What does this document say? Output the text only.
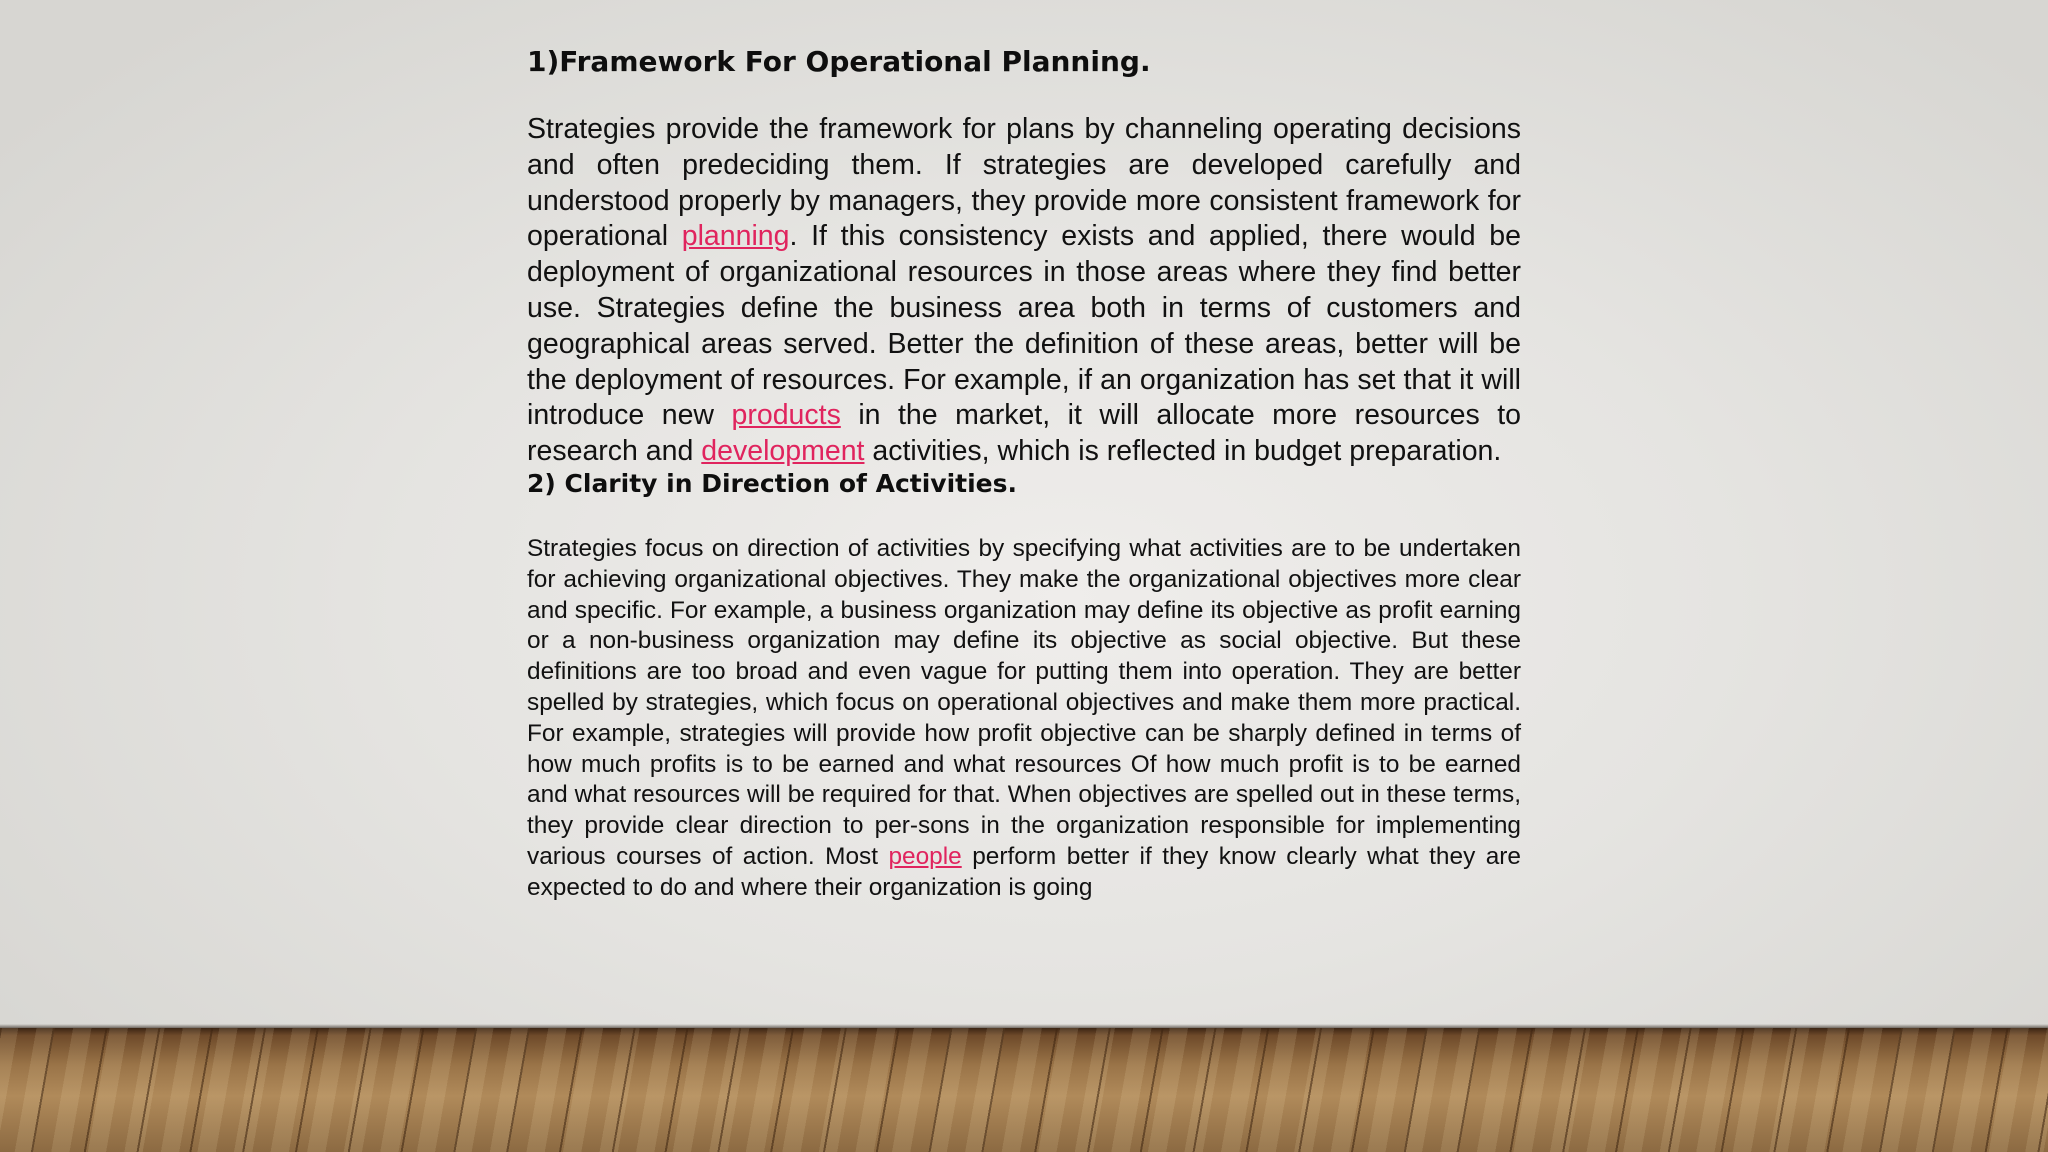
1)Framework For Operational Planning.

Strategies provide the framework for plans by channeling operating decisions and often predeciding them. If strategies are developed carefully and understood properly by managers, they provide more consistent framework for operational planning. If this consistency exists and applied, there would be deployment of organizational resources in those areas where they find better use. Strategies define the business area both in terms of customers and geographical areas served. Better the definition of these areas, better will be the deployment of resources. For example, if an organization has set that it will introduce new products in the market, it will allocate more resources to research and development activities, which is reflected in budget preparation.

2) Clarity in Direction of Activities.

Strategies focus on direction of activities by specifying what activities are to be undertaken for achieving organizational objectives. They make the organizational objectives more clear and specific. For example, a business organization may define its objective as profit earning or a non-business organization may define its objective as social objective. But these definitions are too broad and even vague for putting them into operation. They are better spelled by strategies, which focus on operational objectives and make them more practical. For example, strategies will provide how profit objective can be sharply defined in terms of how much profits is to be earned and what resources Of how much profit is to be earned and what resources will be required for that. When objectives are spelled out in these terms, they provide clear direction to per-sons in the organization responsible for implementing various courses of action. Most people perform better if they know clearly what they are expected to do and where their organization is going
